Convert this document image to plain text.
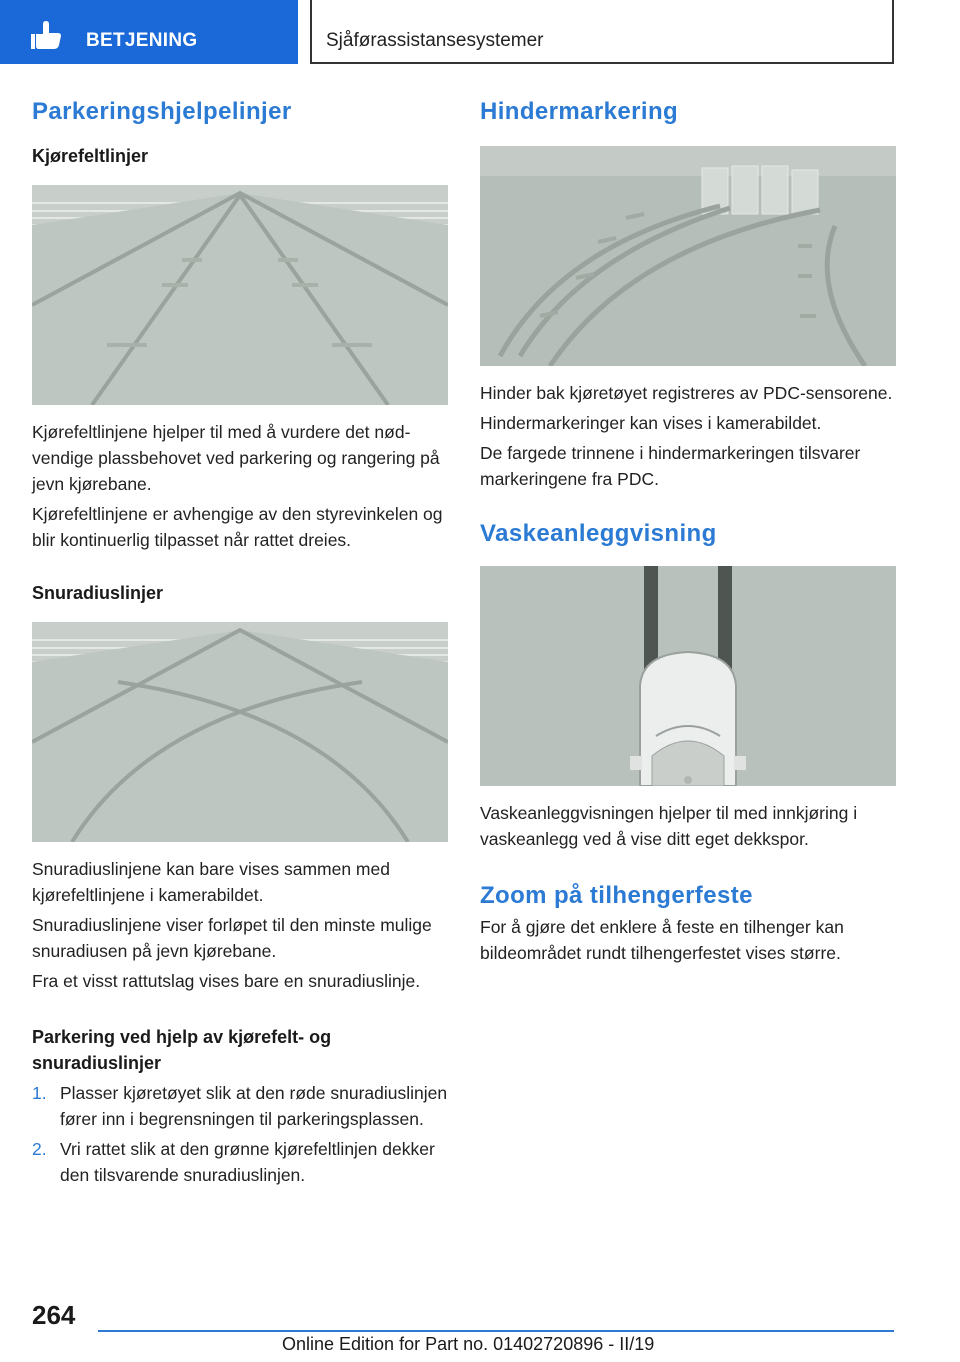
BETJENING	Sjåførassistansesystemer
Parkeringshjelpelinjer
Kjørefeltlinjer

Kjørefeltlinjene hjelper til med å vurdere det nødvendige plassbehovet ved parkering og rangering på jevn kjørebane.

Kjørefeltlinjene er avhengige av den styrevinkelen og blir kontinuerlig tilpasset når rattet dreies.

Snuradiuslinjer

Snuradiuslinjene kan bare vises sammen med kjørefeltlinjene i kamerabildet.

Snuradiuslinjene viser forløpet til den minste mulige snuradiusen på jevn kjørebane.

Fra et visst rattutslag vises bare en snuradiuslinje.

Parkering ved hjelp av kjørefelt- og snuradiuslinjer
1. Plasser kjøretøyet slik at den røde snuradiuslinjen fører inn i begrensningen til parkeringsplassen.
2. Vri rattet slik at den grønne kjørefeltlinjen dekker den tilsvarende snuradiuslinjen.
Hindermarkering

Hinder bak kjøretøyet registreres av PDC-sensorene.

Hindermarkeringer kan vises i kamerabildet.

De fargede trinnene i hindermarkeringen tilsvarer markeringene fra PDC.

Vaskeanleggvisning

Vaskeanleggvisningen hjelper til med innkjøring i vaskeanlegg ved å vise ditt eget dekkspor.

Zoom på tilhengerfeste

For å gjøre det enklere å feste en tilhenger kan bildeområdet rundt tilhengerfestet vises større.

264
Online Edition for Part no. 01402720896 - II/19
